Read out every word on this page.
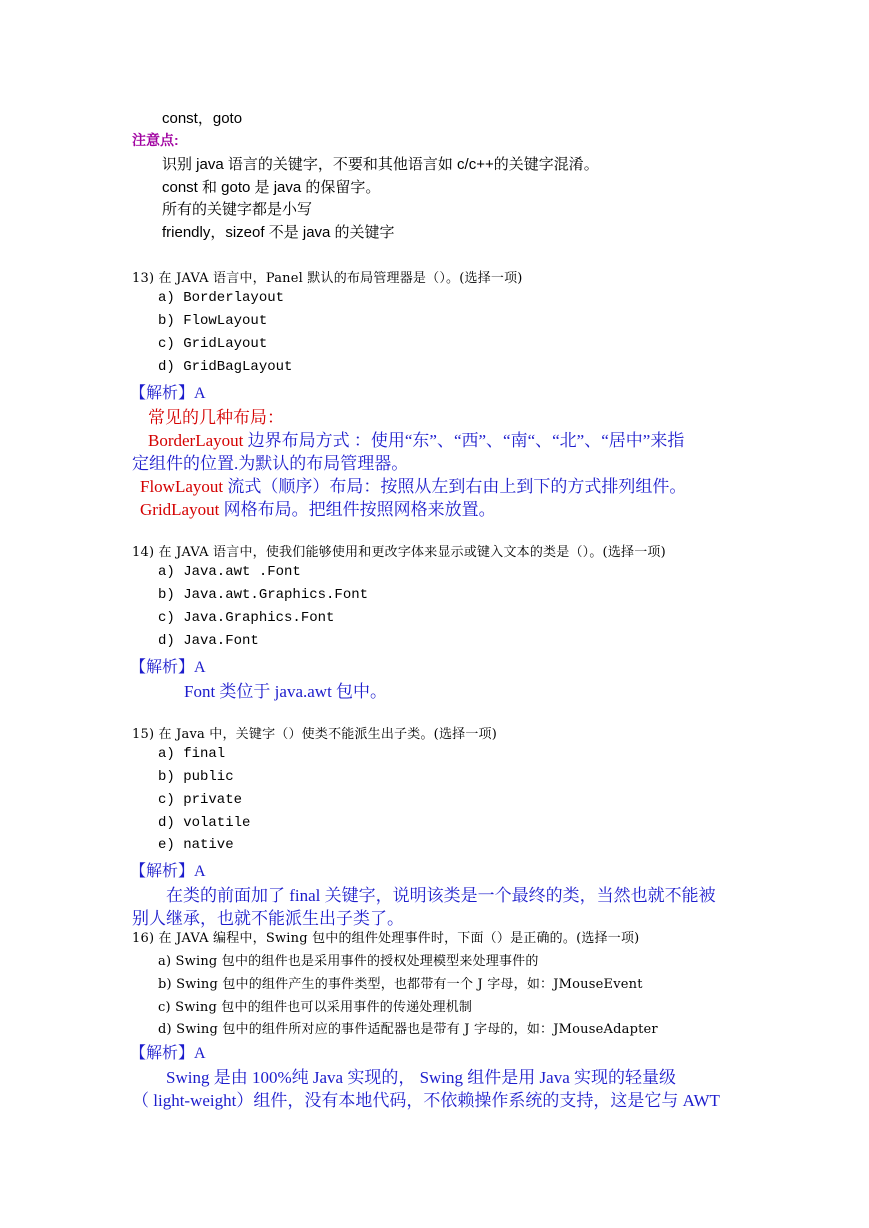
const，goto
注意点:
识别 java 语言的关键字，不要和其他语言如 c/c++的关键字混淆。
const 和 goto 是 java 的保留字。
所有的关键字都是小写
friendly，sizeof 不是 java 的关键字
13) 在 JAVA 语言中，Panel 默认的布局管理器是（）。(选择一项)
a) Borderlayout
b) FlowLayout
c) GridLayout
d) GridBagLayout
【解析】A
常见的几种布局：
BorderLayout 边界布局方式 ：使用“东”、“西”、“南“、“北”、“居中”来指
定组件的位置.为默认的布局管理器。
FlowLayout 流式（顺序）布局：按照从左到右由上到下的方式排列组件。
GridLayout 网格布局。把组件按照网格来放置。
14) 在 JAVA 语言中，使我们能够使用和更改字体来显示或键入文本的类是（）。(选择一项)
a) Java.awt .Font
b) Java.awt.Graphics.Font
c) Java.Graphics.Font
d) Java.Font
【解析】A
Font 类位于 java.awt 包中。
15) 在 Java 中，关键字（）使类不能派生出子类。(选择一项)
a) final
b) public
c) private
d) volatile
e) native
【解析】A
在类的前面加了 final 关键字，说明该类是一个最终的类，当然也就不能被
别人继承，也就不能派生出子类了。
16) 在 JAVA 编程中，Swing 包中的组件处理事件时，下面（）是正确的。(选择一项)
a) Swing 包中的组件也是采用事件的授权处理模型来处理事件的
b) Swing 包中的组件产生的事件类型，也都带有一个 J 字母，如：JMouseEvent
c) Swing 包中的组件也可以采用事件的传递处理机制
d) Swing 包中的组件所对应的事件适配器也是带有 J 字母的，如：JMouseAdapter
【解析】A
Swing 是由 100%纯 Java 实现的， Swing 组件是用 Java 实现的轻量级
（ light-weight）组件，没有本地代码，不依赖操作系统的支持，这是它与 AWT
